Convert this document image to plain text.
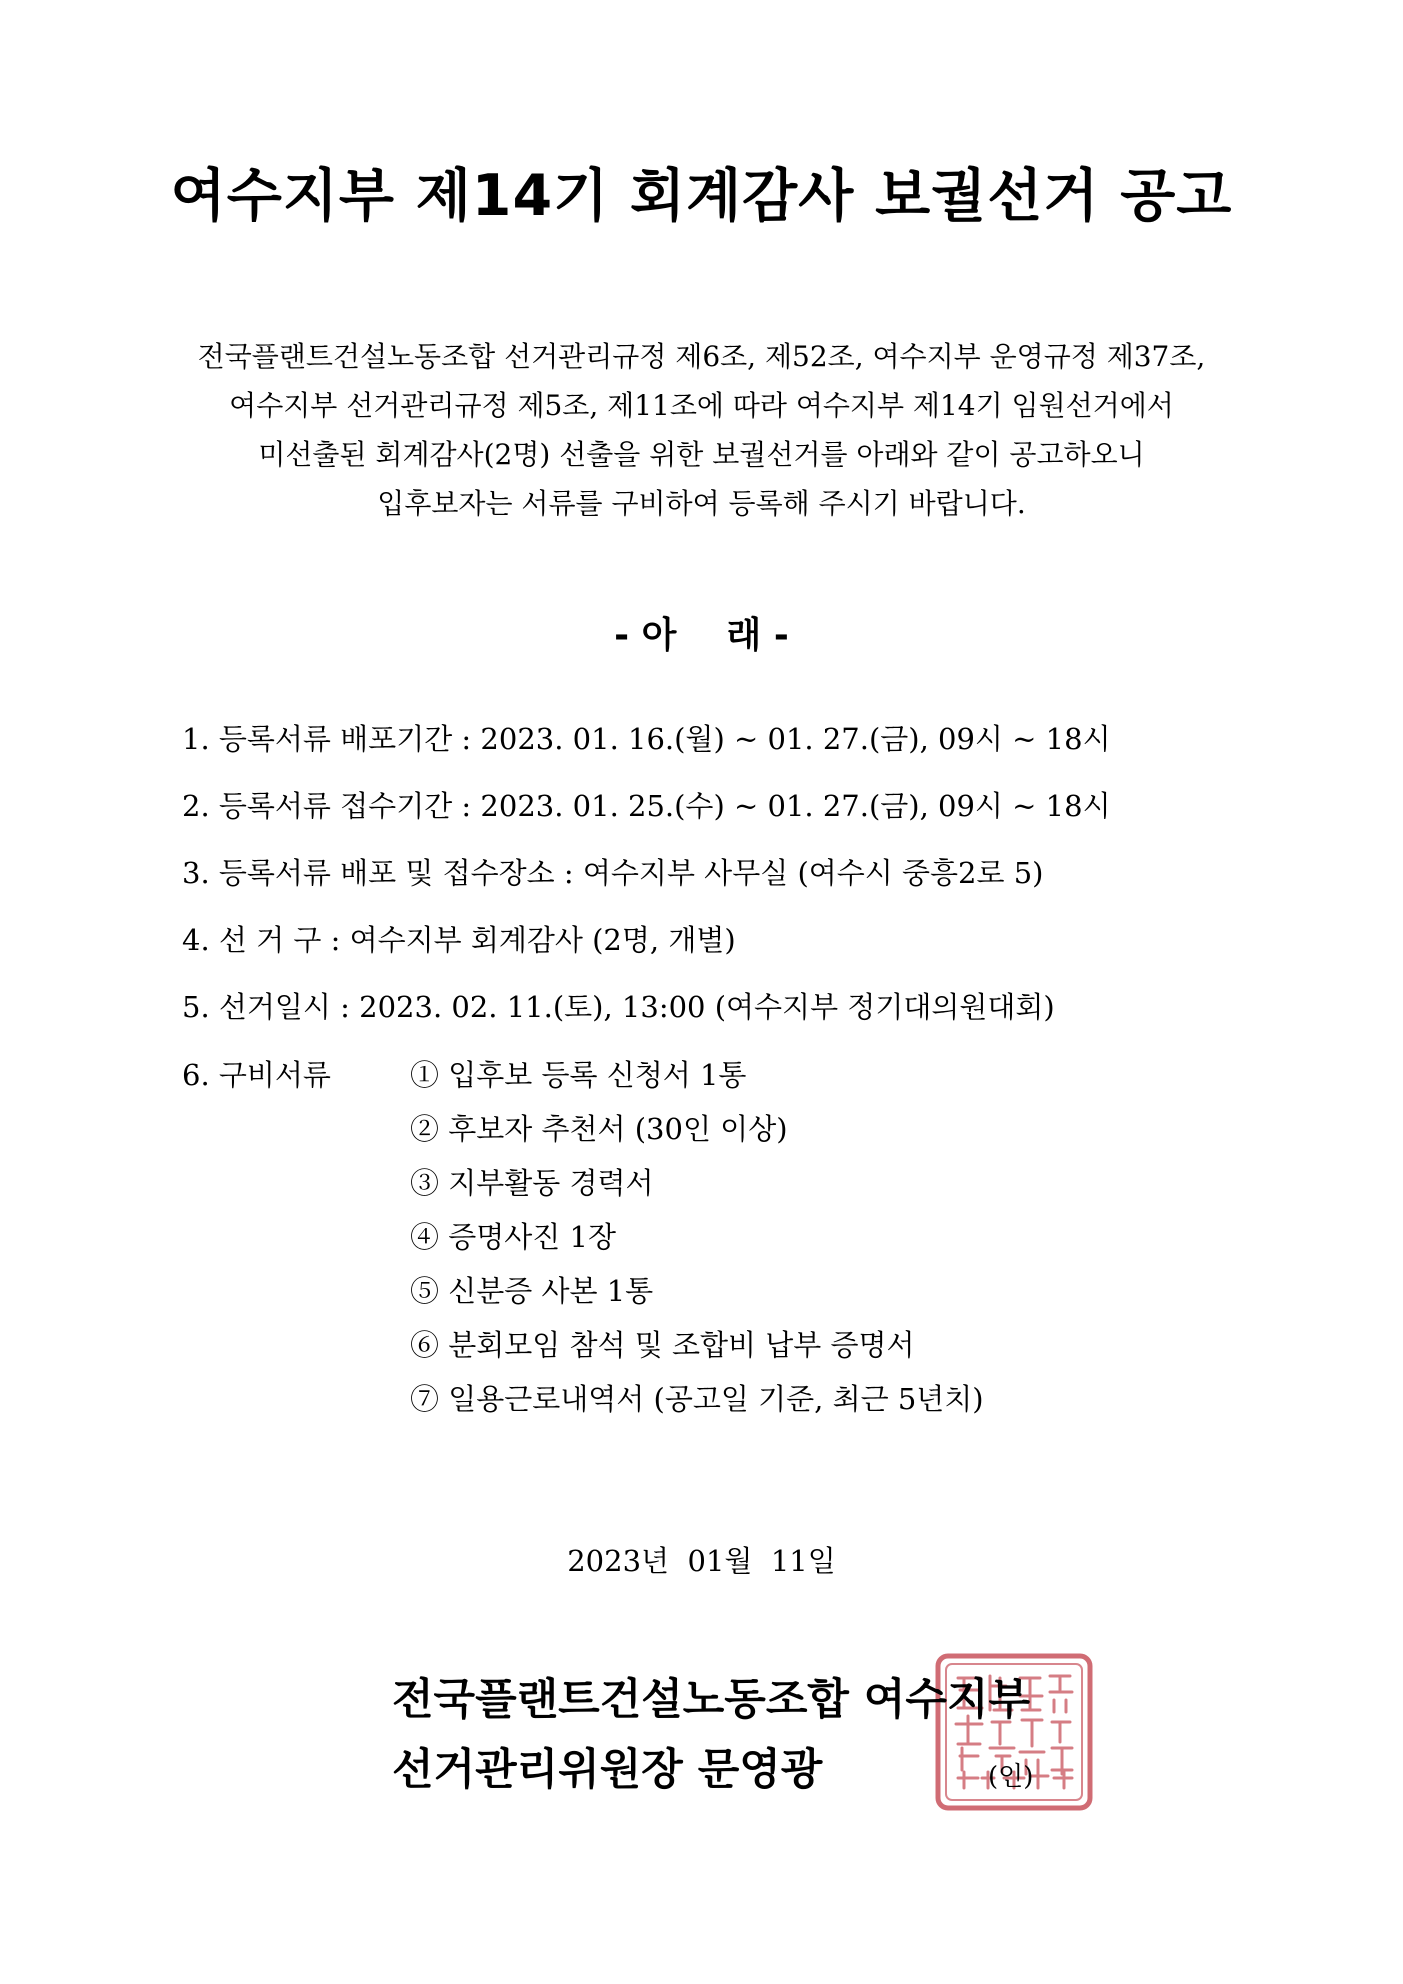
여수지부 제14기 회계감사 보궐선거 공고
전국플랜트건설노동조합 선거관리규정 제6조, 제52조, 여수지부 운영규정 제37조,
여수지부 선거관리규정 제5조, 제11조에 따라 여수지부 제14기 임원선거에서
미선출된 회계감사(2명) 선출을 위한 보궐선거를 아래와 같이 공고하오니
입후보자는 서류를 구비하여 등록해 주시기 바랍니다.
- 아    래 -
1. 등록서류 배포기간 : 2023. 01. 16.(월) ~ 01. 27.(금), 09시 ~ 18시
2. 등록서류 접수기간 : 2023. 01. 25.(수) ~ 01. 27.(금), 09시 ~ 18시
3. 등록서류 배포 및 접수장소 : 여수지부 사무실 (여수시 중흥2로 5)
4. 선 거 구 : 여수지부 회계감사 (2명, 개별)
5. 선거일시 : 2023. 02. 11.(토), 13:00 (여수지부 정기대의원대회)
6. 구비서류	① 입후보 등록 신청서 1통
② 후보자 추천서 (30인 이상)
③ 지부활동 경력서
④ 증명사진 1장
⑤ 신분증 사본 1통
⑥ 분회모임 참석 및 조합비 납부 증명서
⑦ 일용근로내역서 (공고일 기준, 최근 5년치)
2023년  01월  11일
전국플랜트건설노동조합 여수지부
선거관리위원장 문영광	(인)
